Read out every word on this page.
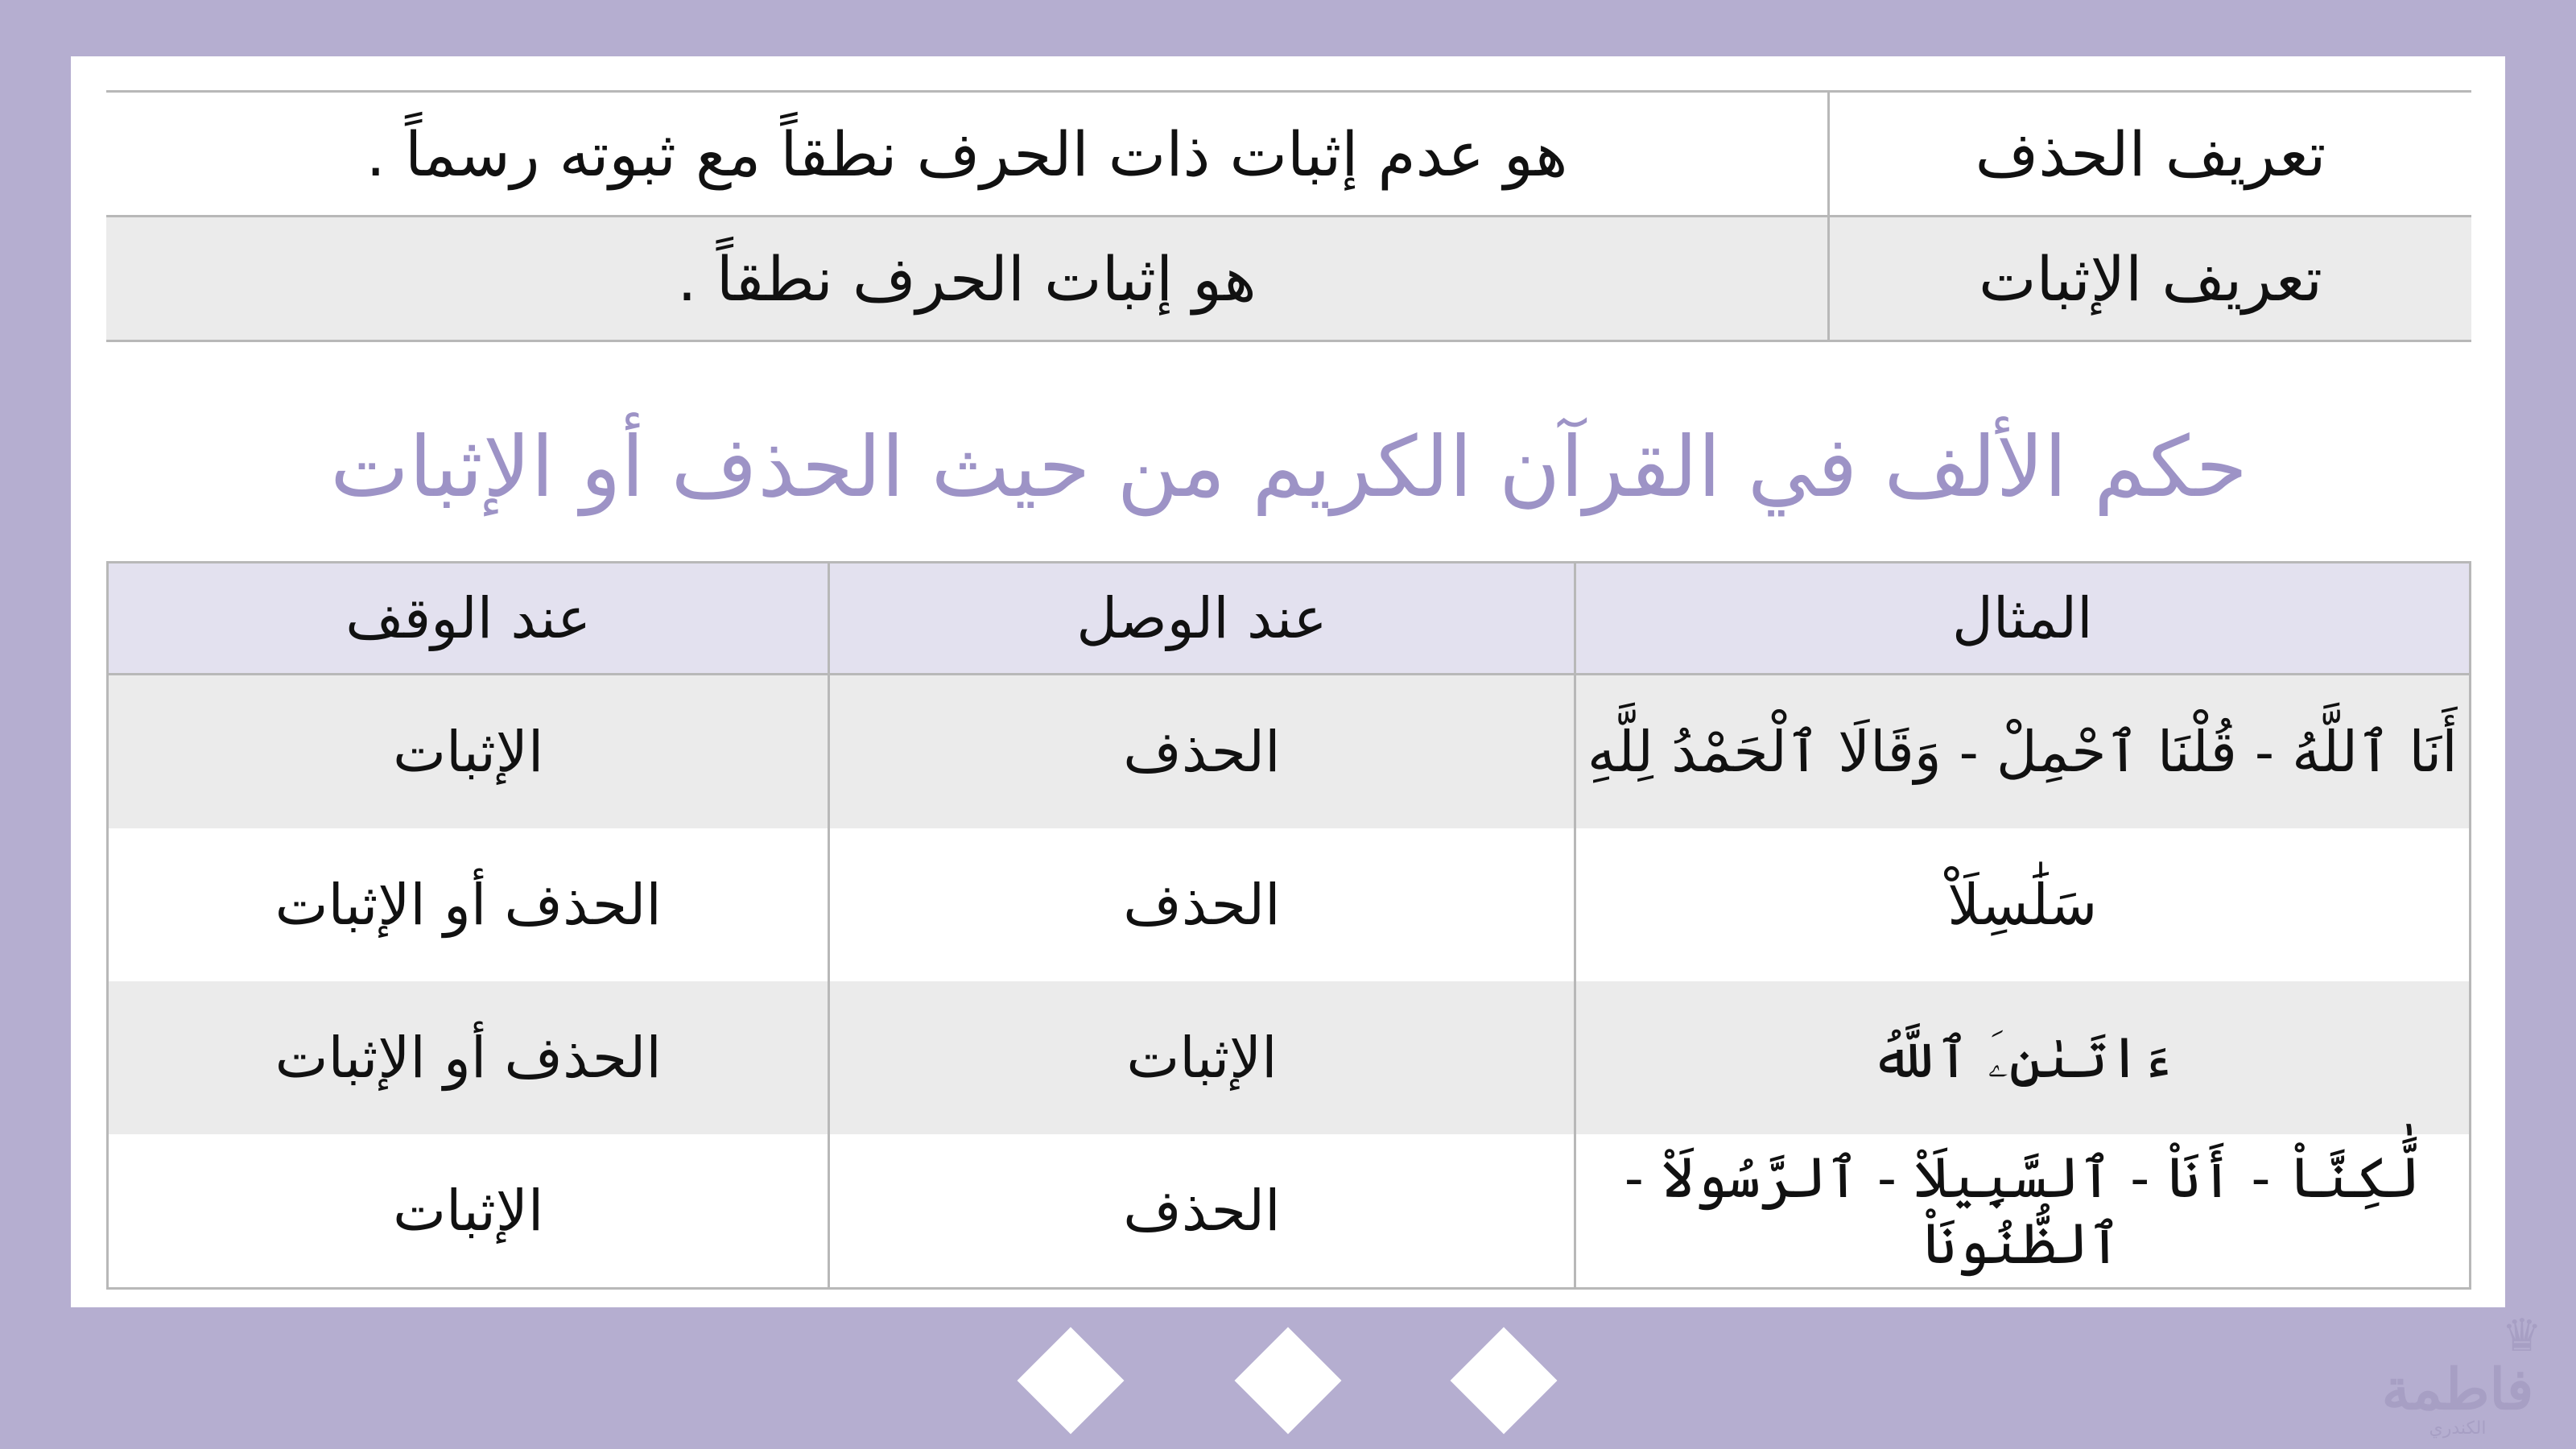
تعريف الحذف	هو عدم إثبات ذات الحرف نطقاً مع ثبوته رسماً .
تعريف الإثبات	هو إثبات الحرف نطقاً .
حكم الألف في القرآن الكريم من حيث الحذف أو الإثبات
المثال	عند الوصل	عند الوقف
أَنَا ٱللَّهُ - قُلْنَا ٱحْمِلْ - وَقَالَا ٱلْحَمْدُ لِلَّهِ	الحذف	الإثبات
سَلَٰسِلَاْ	الحذف	الحذف أو الإثبات
ءَاتَىٰنِۦَ ٱللَّهُ	الإثبات	الحذف أو الإثبات
لَّٰكِنَّاْ - أَنَاْ - ٱلسَّبِيلَاْ - ٱلرَّسُولَاْ - ٱلظُّنُونَاْ	الحذف	الإثبات
♛
فاطمة
الكندري
